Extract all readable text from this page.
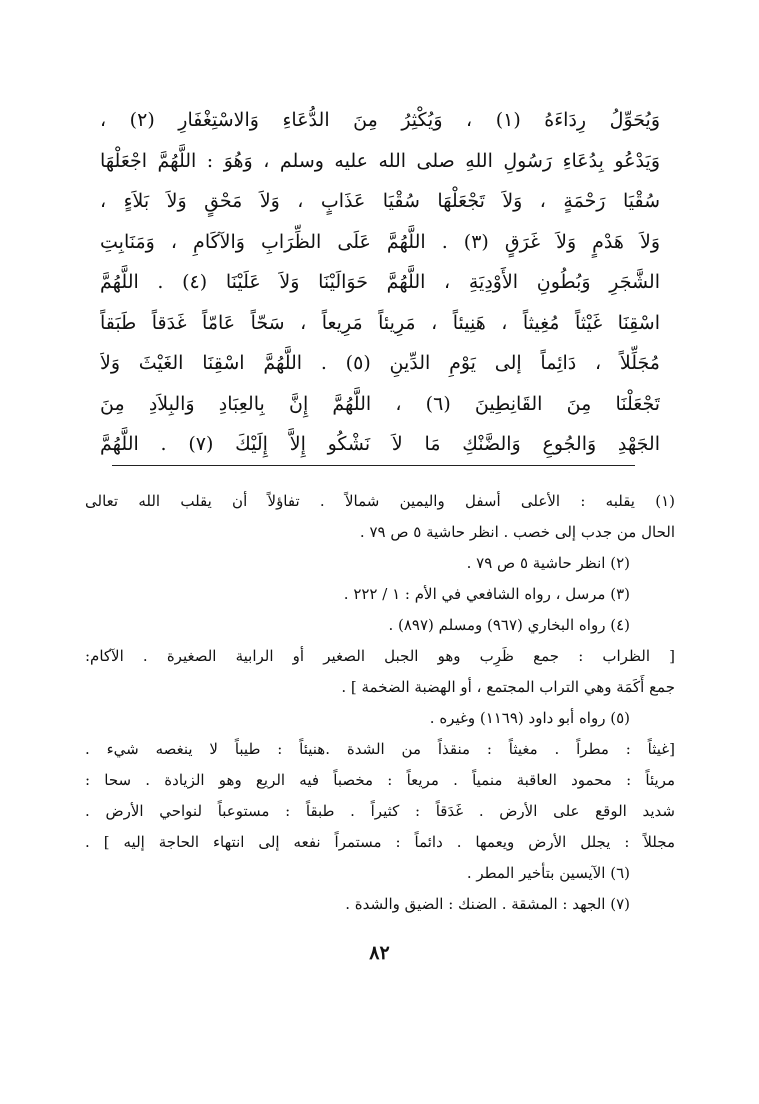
وَيُحَوِّلُ رِدَاءَهُ (١) ، وَيُكْثِرُ مِنَ الدُّعَاءِ وَالاسْتِغْفَارِ (٢) ،
وَيَدْعُو بِدُعَاءِ رَسُولِ اللهِ صلى الله عليه وسلم ، وَهُوَ : اللَّهُمَّ اجْعَلْهَا
سُقْيَا رَحْمَةٍ ، وَلاَ تَجْعَلْهَا سُقْيَا عَذَابٍ ، وَلاَ مَحْقٍ وَلاَ بَلاَءٍ ،
وَلاَ هَدْمٍ وَلاَ غَرَقٍ (٣) . اللَّهُمَّ عَلَى الظِّرَابِ وَالآكَامِ ، وَمَنَابِتِ
الشَّجَرِ وَبُطُونِ الأَوْدِيَةِ ، اللَّهُمَّ حَوَالَيْنَا وَلاَ عَلَيْنَا (٤) . اللَّهُمَّ
اسْقِنَا غَيْثاً مُغِيثاً ، هَنِيئاً ، مَرِيئاً مَرِيعاً ، سَحّاً عَامّاً غَدَقاً طَبَقاً
مُجَلِّلاً ، دَائِماً إلى يَوْمِ الدِّينِ (٥) . اللَّهُمَّ اسْقِنَا الغَيْثَ وَلاَ
تَجْعَلْنَا مِنَ القَانِطِينَ (٦) ، اللَّهُمَّ إِنَّ بِالعِبَادِ وَالبِلاَدِ مِنَ
الجَهْدِ وَالجُوعِ وَالضَّنْكِ مَا لاَ نَشْكُو إِلاَّ إِلَيْكَ (٧) . اللَّهُمَّ
(١) يقلبه : الأعلى أسفل واليمين شمالاً . تفاؤلاً أن يقلب الله تعالى
الحال من جدب إلى خصب . انظر حاشية ٥ ص ٧٩ .
(٢) انظر حاشية ٥ ص ٧٩ .
(٣) مرسل ، رواه الشافعي في الأم : ١ / ٢٢٢ .
(٤) رواه البخاري (٩٦٧) ومسلم (٨٩٧) .
[ الظراب : جمع ظَرِب وهو الجبل الصغير أو الرابية الصغيرة . الآكام:
جمع أَكَمَة وهي التراب المجتمع ، أو الهضبة الضخمة ] .
(٥) رواه أبو داود (١١٦٩) وغيره .
[غيثاً : مطراً . مغيثاً : منقذاً من الشدة .هنيئاً : طيباً لا ينغصه شيء .
مريئاً : محمود العاقبة منمياً . مريعاً : مخصباً فيه الريع وهو الزيادة . سحا :
شديد الوقع على الأرض . غَدَقاً : كثيراً . طبقاً : مستوعباً لنواحي الأرض .
مجللاً : يجلل الأرض ويعمها . دائماً : مستمراً نفعه إلى انتهاء الحاجة إليه ] .
(٦) الآيسين بتأخير المطر .
(٧) الجهد : المشقة . الضنك : الضيق والشدة .
٨٢
